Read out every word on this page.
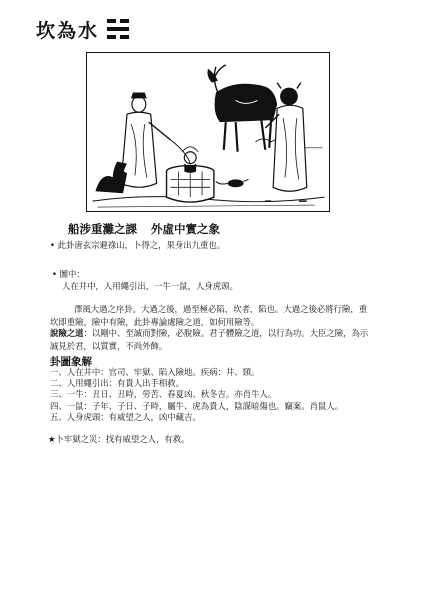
坎為水
船涉重灘之課 外虛中實之象
• 此卦唐玄宗避祿山，卜得之，果身出九重也。
• 圖中：
人在井中，人用繩引出，一牛一鼠，人身虎頭。
澤風大過之序卦。大過之後，過至極必陷，坎者，陷也。大過之後必將行險，重坎即重險，險中有險，此卦專論處險之道，如何用險等。
說險之道：以剛中、至誠而對險，必脫險。君子體險之道，以行為功。大臣之險，為示誠見於君，以質實，不尚外飾。
卦圖象解
一、人在井中：官司、牢獄、陷入險地。疾病：井、頸。
二、人用繩引出：有貴人出手相救。
三、一牛：丑日、丑時，勞苦、春夏凶、秋冬吉。亦肖牛人。
四、一鼠：子年、子日、子時，屬牛、虎為貴人，陰謀暗傷也。竊案。肖鼠人。
五、人身虎頭：有威望之人，凶中藏吉。
★卜牢獄之災：找有威望之人，有救。
